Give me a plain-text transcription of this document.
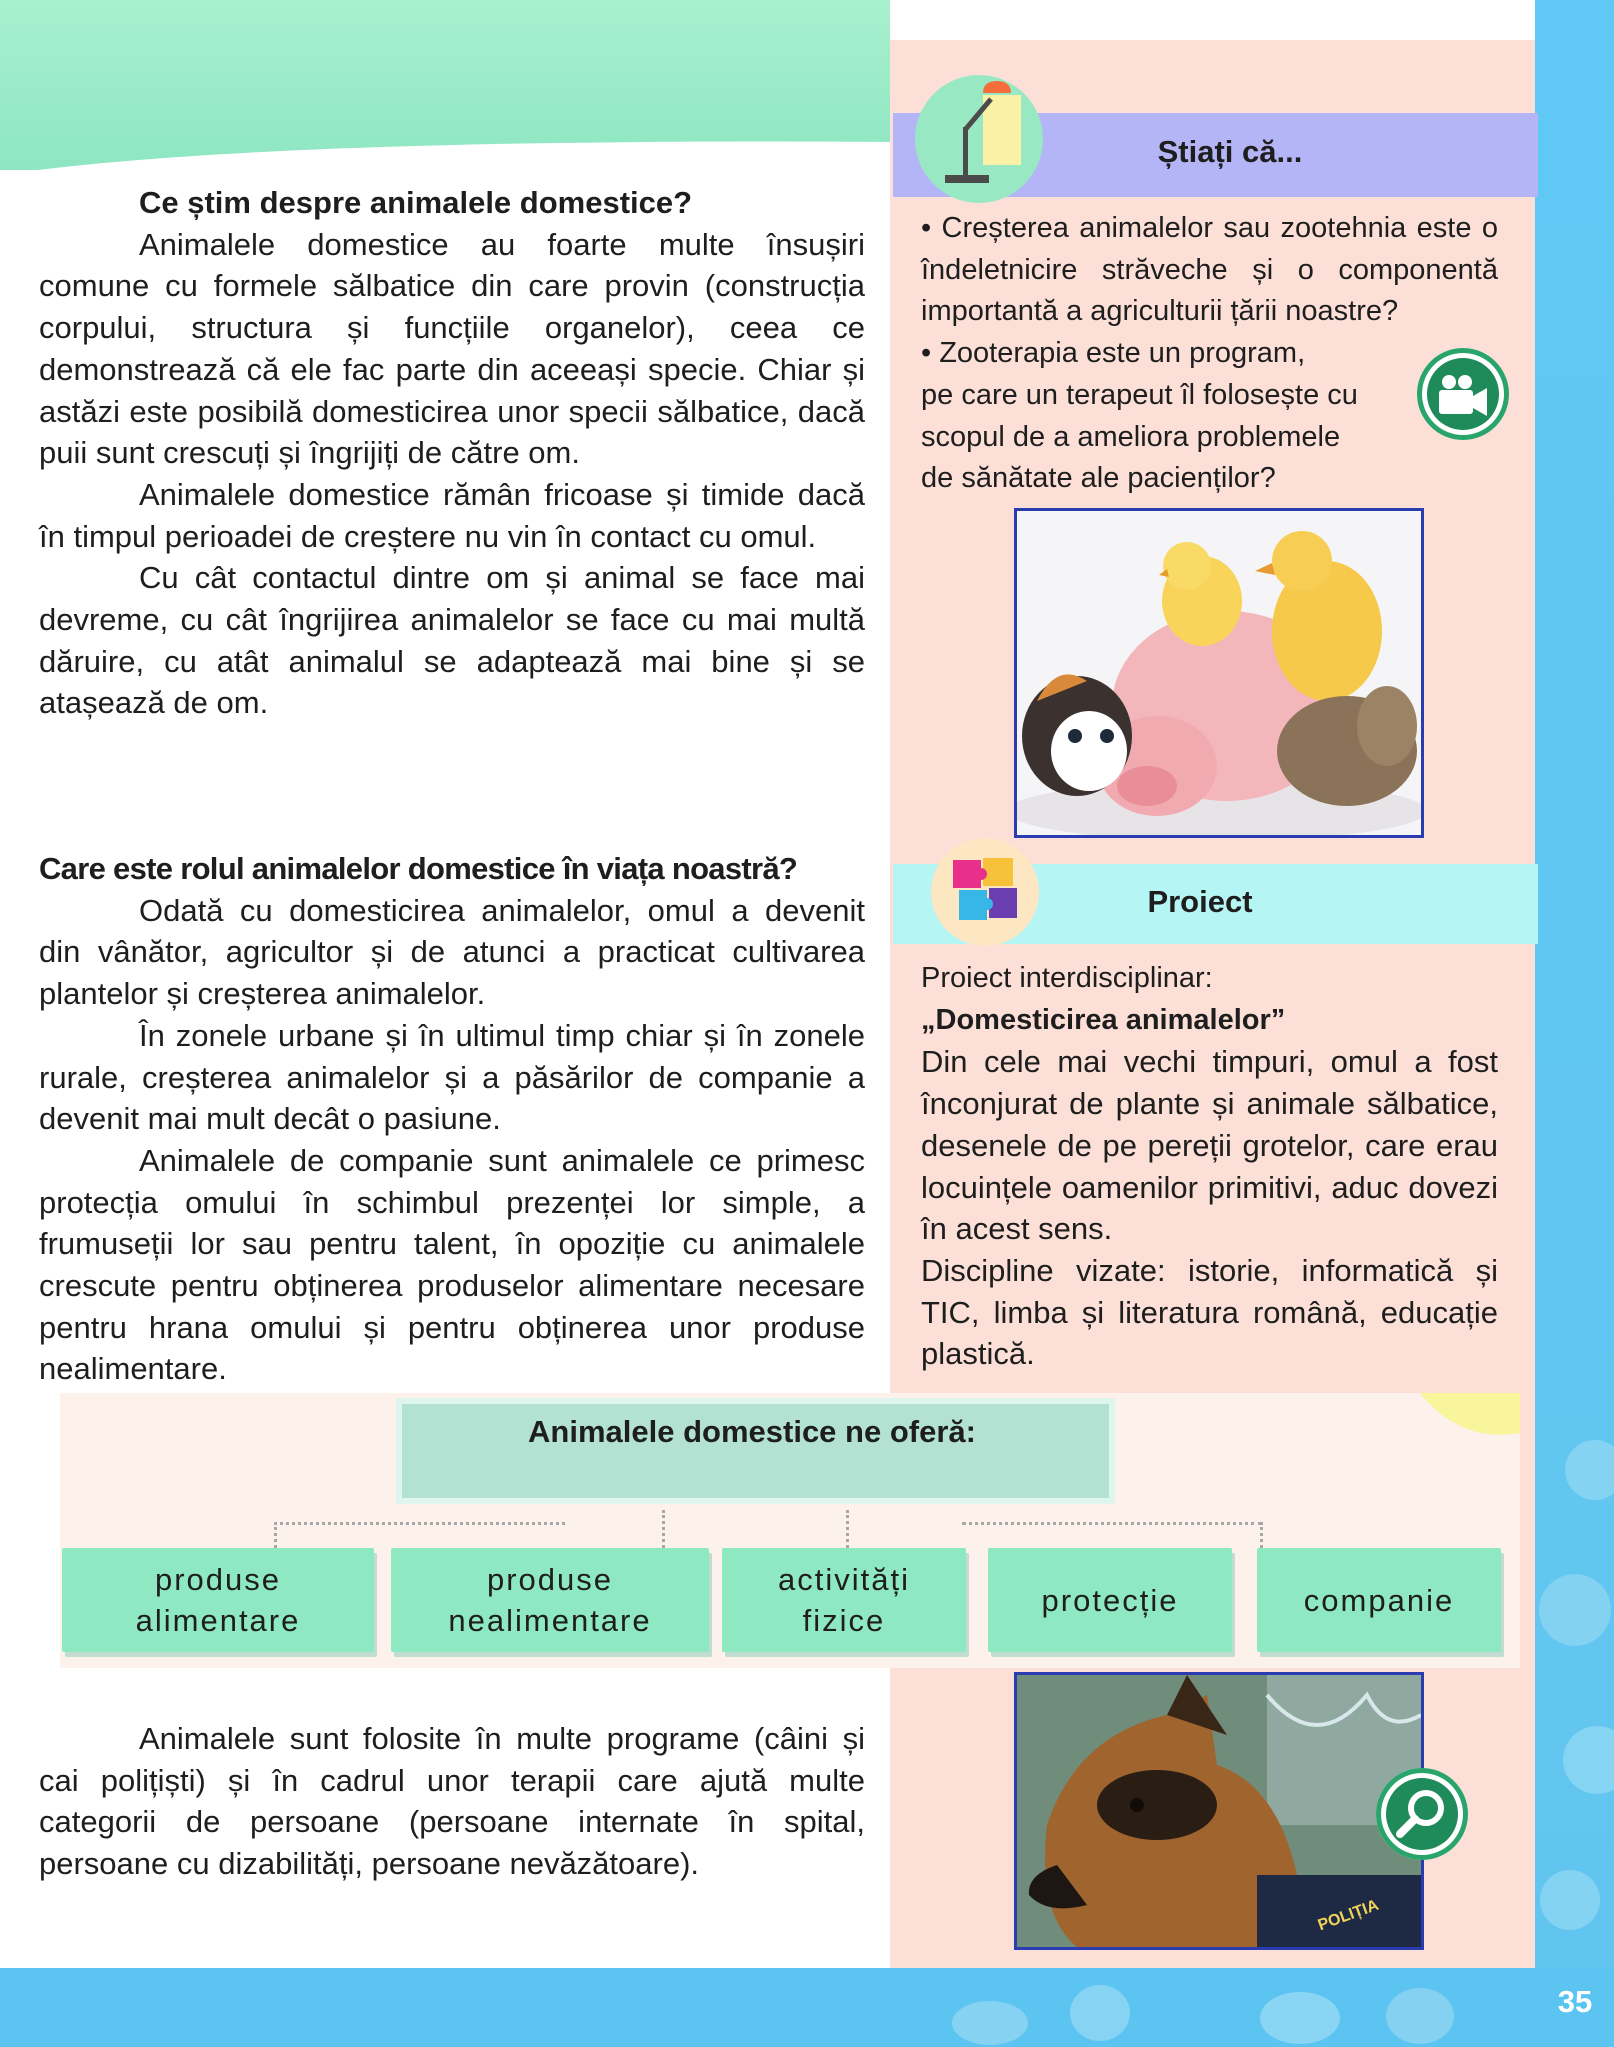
35
Știați că...

• Creșterea animalelor sau zootehnia este o îndeletnicire străveche și o componentă importantă a agriculturii țării noastre?

• Zooterapia este un program,

pe care un terapeut îl folosește cu

scopul de a ameliora problemele

de sănătate ale pacienților?

Proiect

Proiect interdisciplinar:

„Domesticirea animalelor”

Din cele mai vechi timpuri, omul a fost înconjurat de plante și animale sălbatice, desenele de pe pereții grotelor, care erau locuințele oamenilor primitivi, aduc dovezi în acest sens.

Discipline vizate: istorie, informatică și TIC, limba și literatura română, educație plastică.

POLIȚIA

Ce știm despre animalele domestice?

Animalele domestice au foarte multe însușiri comune cu formele sălbatice din care provin (construcția corpului, structura și funcțiile organelor), ceea ce demonstrează că ele fac parte din aceeași specie. Chiar și astăzi este posibilă domesticirea unor specii sălbatice, dacă puii sunt crescuți și îngrijiți de către om.

Animalele domestice rămân fricoase și timide dacă în timpul perioadei de creștere nu vin în contact cu omul.

Cu cât contactul dintre om și animal se face mai devreme, cu cât îngrijirea animalelor se face cu mai multă dăruire, cu atât animalul se adaptează mai bine și se atașează de om.

Care este rolul animalelor domestice în viața noastră?

Odată cu domesticirea animalelor, omul a devenit din vânător, agricultor și de atunci a practicat cultivarea plantelor și creșterea animalelor.

În zonele urbane și în ultimul timp chiar și în zonele rurale, creșterea animalelor și a păsărilor de companie a devenit mai mult decât o pasiune.

Animalele de companie sunt animalele ce primesc protecția omului în schimbul prezenței lor simple, a frumuseții lor sau pentru talent, în opoziție cu animalele crescute pentru obținerea produselor alimentare necesare pentru hrana omului și pentru obținerea unor produse nealimentare.

Animalele domestice ne oferă:
produse
alimentare
produse
nealimentare
activități
fizice
protecție	companie

Animalele sunt folosite în multe programe (câini și cai polițiști) și în cadrul unor terapii care ajută multe categorii de persoane (persoane internate în spital, persoane cu dizabilități, persoane nevăzătoare).
